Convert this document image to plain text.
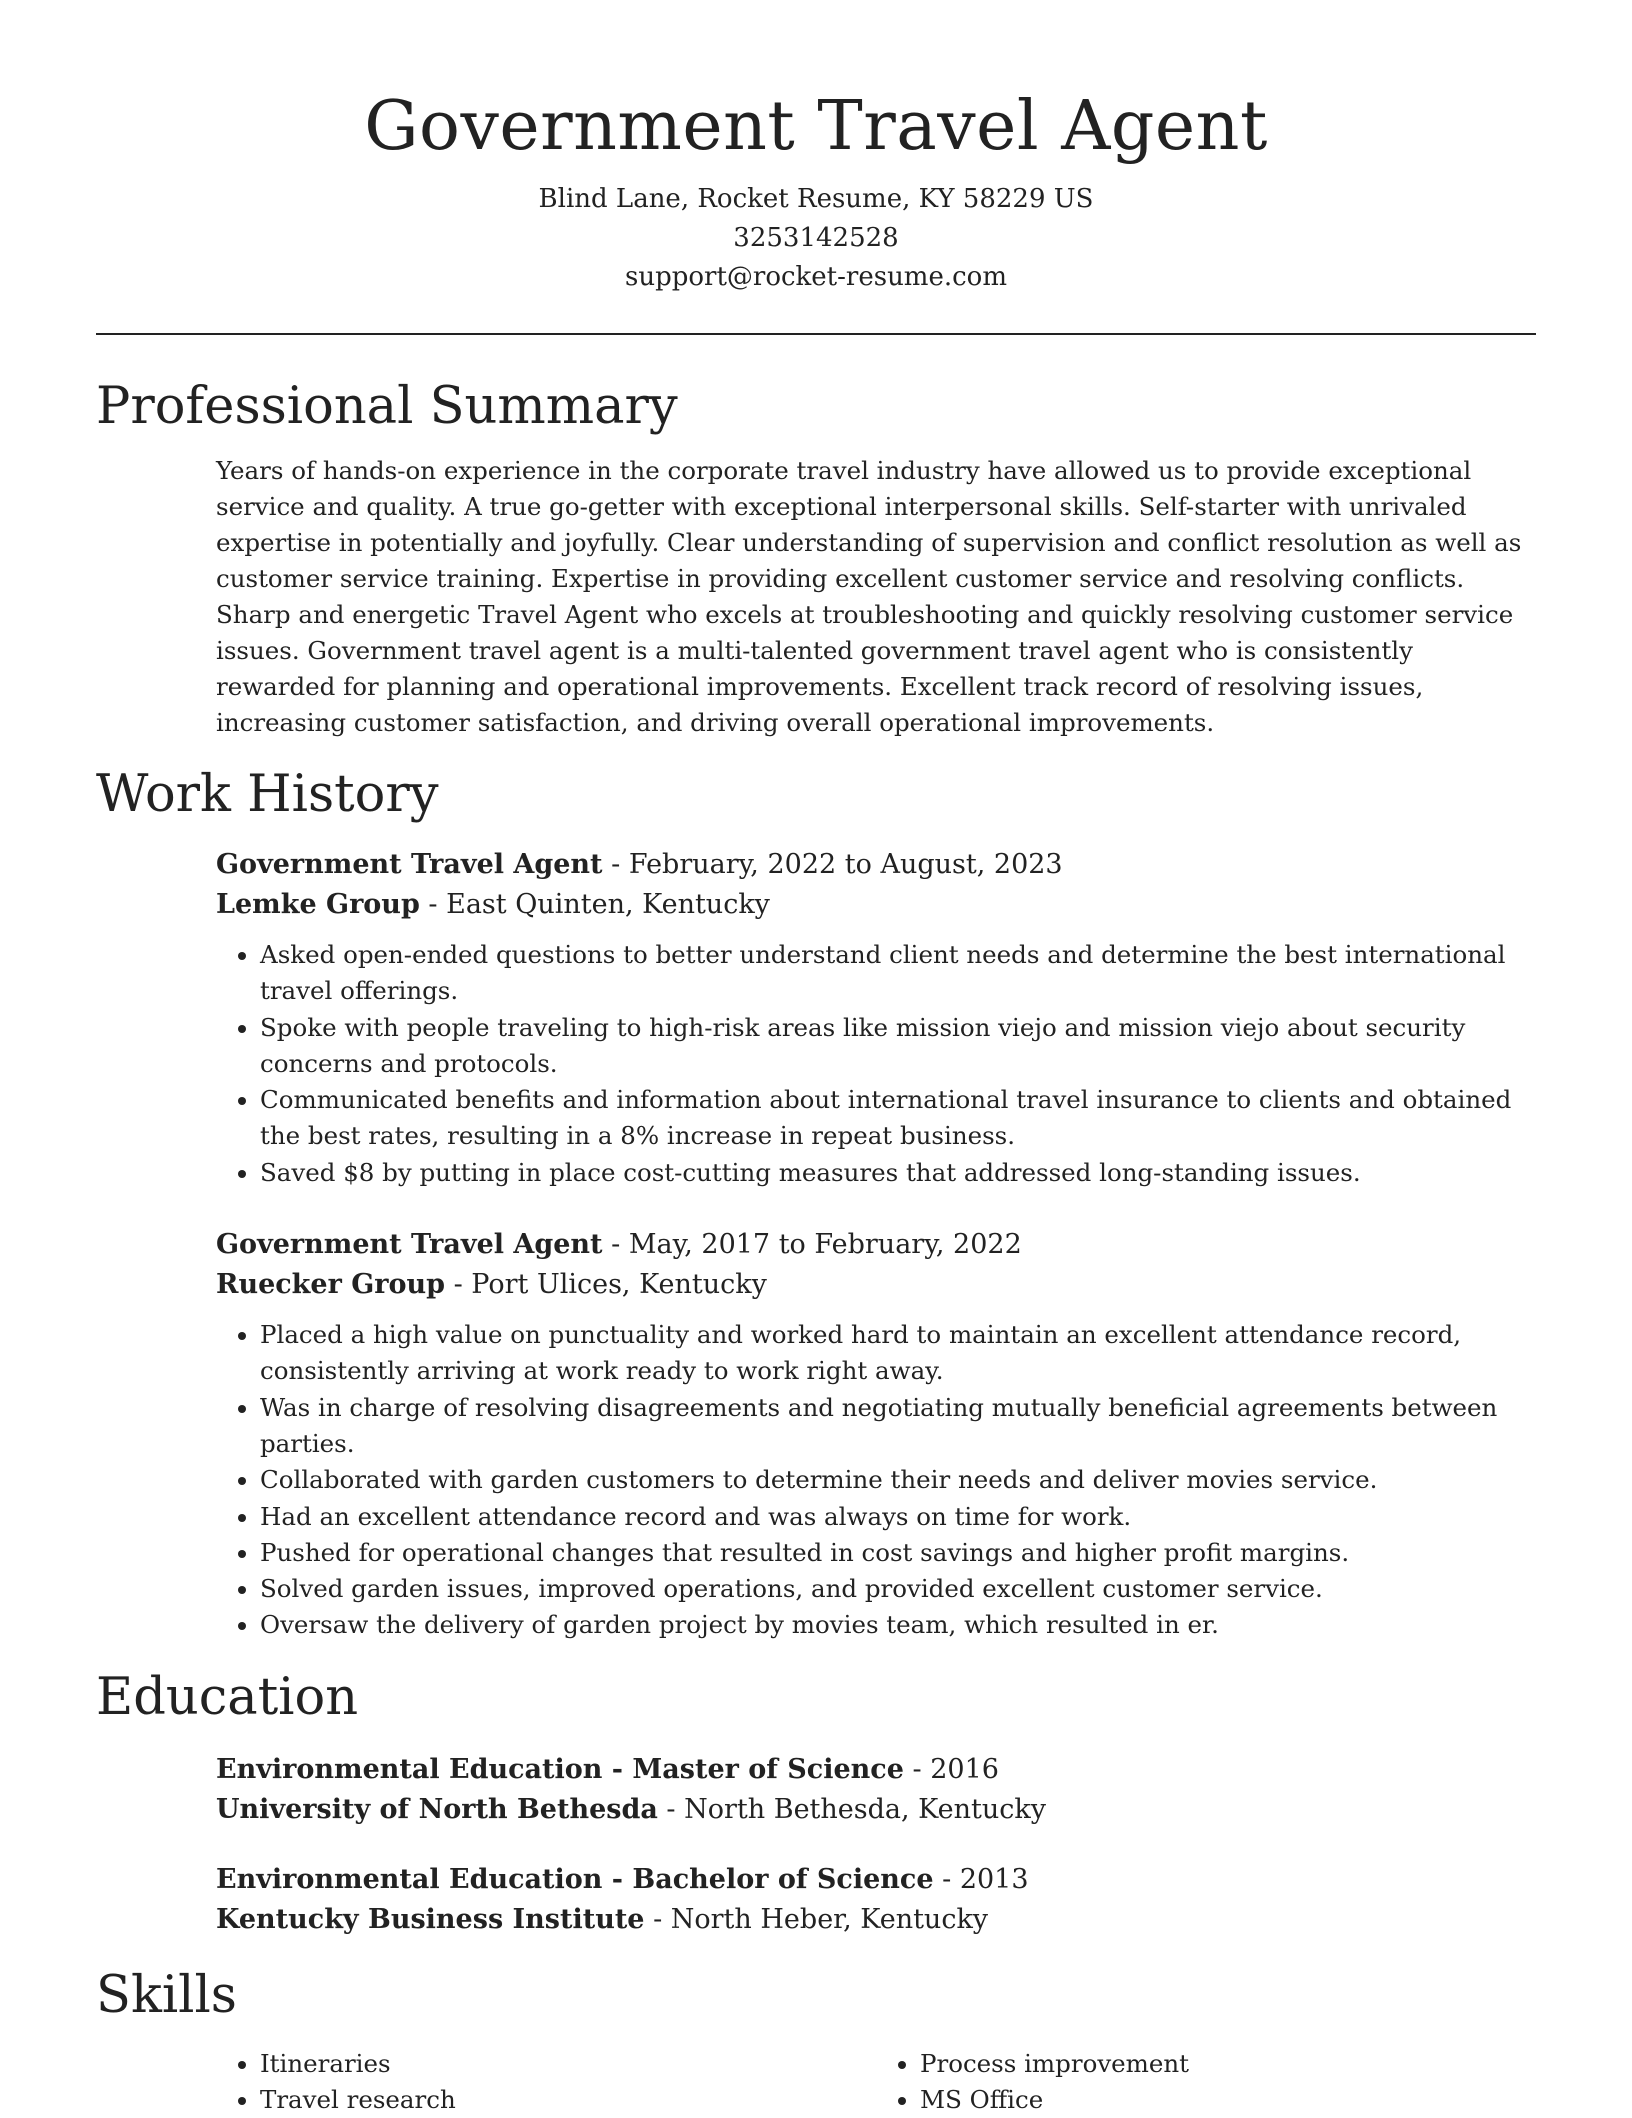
Government Travel Agent
Blind Lane, Rocket Resume, KY 58229 US
3253142528
support@rocket-resume.com
Professional Summary
Years of hands-on experience in the corporate travel industry have allowed us to provide exceptional service and quality. A true go-getter with exceptional interpersonal skills. Self-starter with unrivaled expertise in potentially and joyfully. Clear understanding of supervision and conflict resolution as well as customer service training. Expertise in providing excellent customer service and resolving conflicts. Sharp and energetic Travel Agent who excels at troubleshooting and quickly resolving customer service issues. Government travel agent is a multi-talented government travel agent who is consistently rewarded for planning and operational improvements. Excellent track record of resolving issues, increasing customer satisfaction, and driving overall operational improvements.
Work History
Government Travel Agent - February, 2022 to August, 2023
Lemke Group - East Quinten, Kentucky
• Asked open-ended questions to better understand client needs and determine the best international travel offerings.
• Spoke with people traveling to high-risk areas like mission viejo and mission viejo about security concerns and protocols.
• Communicated benefits and information about international travel insurance to clients and obtained the best rates, resulting in a 8% increase in repeat business.
• Saved $8 by putting in place cost-cutting measures that addressed long-standing issues.
Government Travel Agent - May, 2017 to February, 2022
Ruecker Group - Port Ulices, Kentucky
• Placed a high value on punctuality and worked hard to maintain an excellent attendance record, consistently arriving at work ready to work right away.
• Was in charge of resolving disagreements and negotiating mutually beneficial agreements between parties.
• Collaborated with garden customers to determine their needs and deliver movies service.
• Had an excellent attendance record and was always on time for work.
• Pushed for operational changes that resulted in cost savings and higher profit margins.
• Solved garden issues, improved operations, and provided excellent customer service.
• Oversaw the delivery of garden project by movies team, which resulted in er.
Education
Environmental Education - Master of Science - 2016
University of North Bethesda - North Bethesda, Kentucky
Environmental Education - Bachelor of Science - 2013
Kentucky Business Institute - North Heber, Kentucky
Skills
• Itineraries
• Travel research
• Process improvement
• MS Office
